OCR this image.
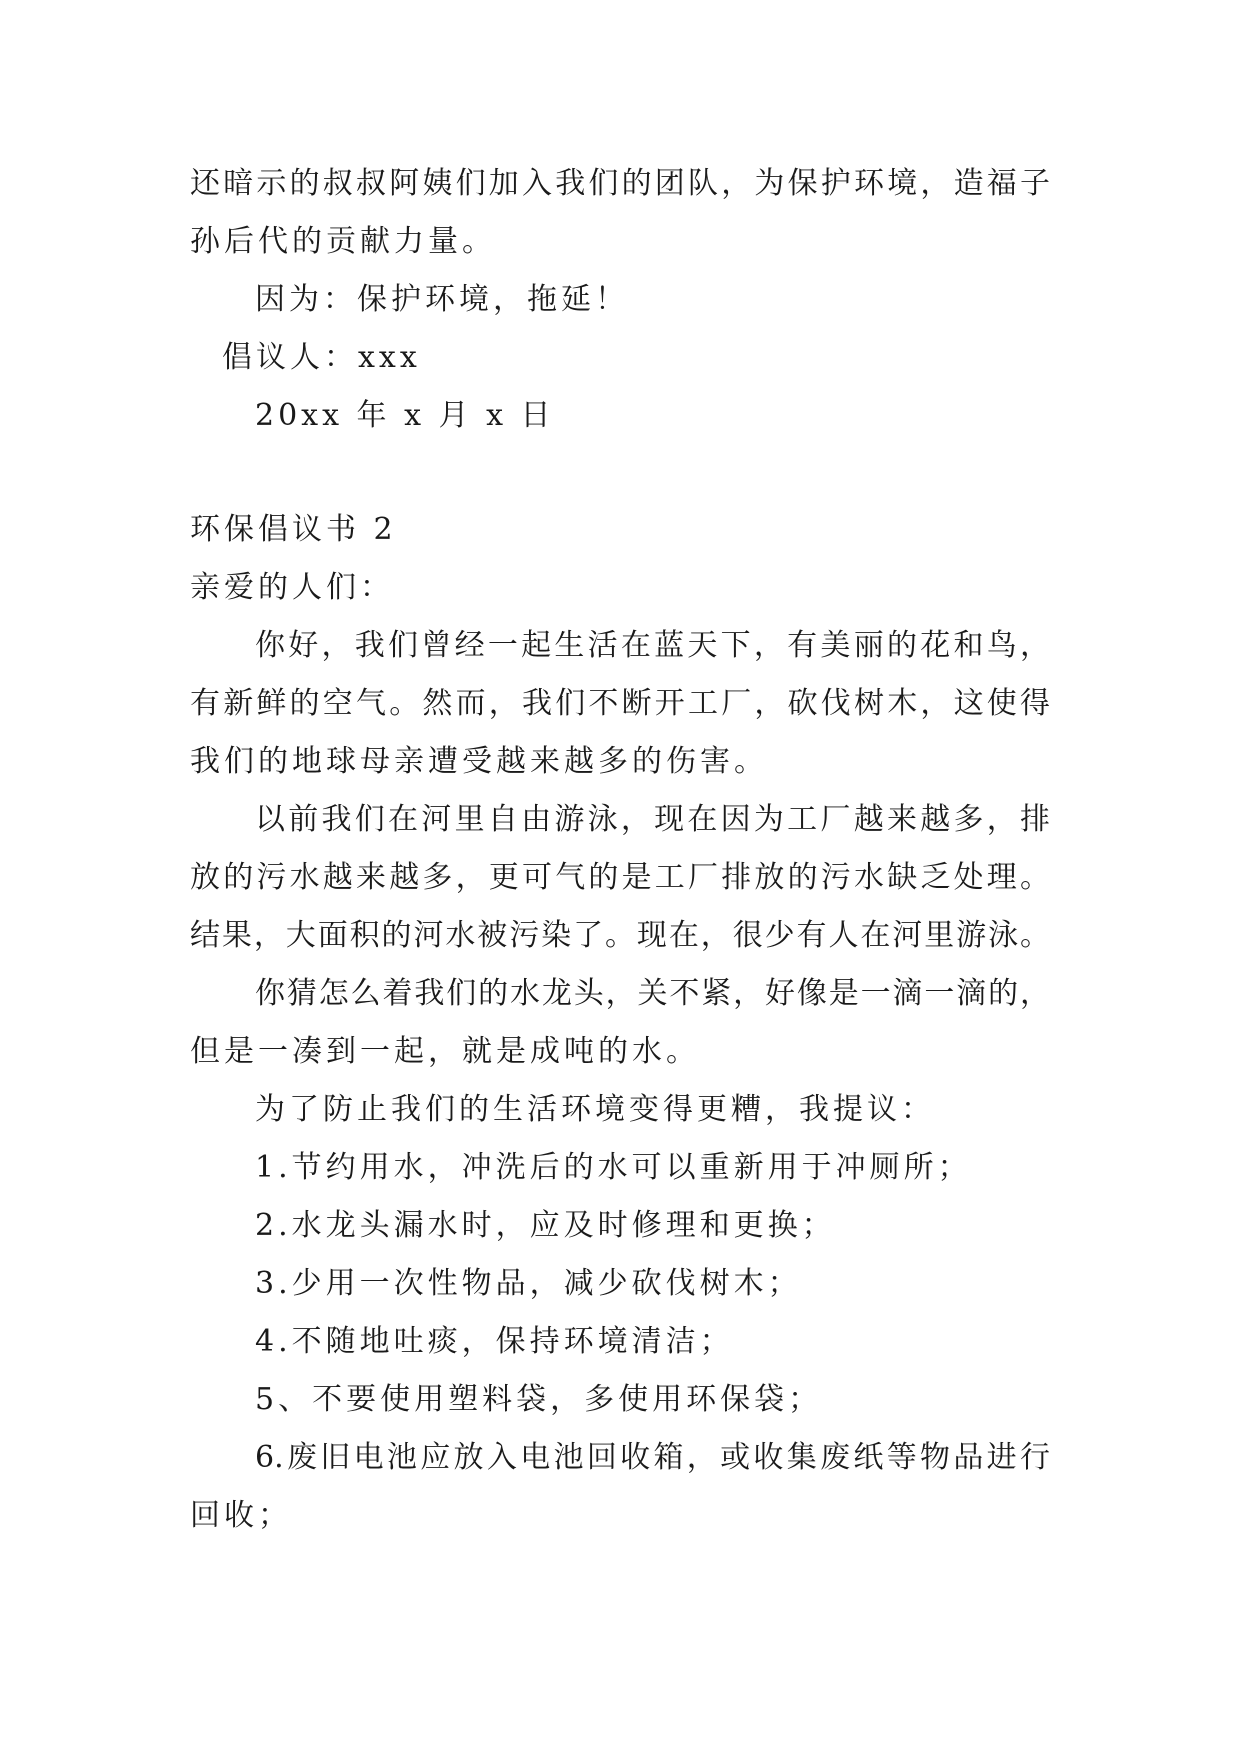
还暗示的叔叔阿姨们加入我们的团队，为保护环境，造福子
孙后代的贡献力量。
因为：保护环境，拖延！
倡议人：xxx
20xx 年 x 月 x 日
环保倡议书 2
亲爱的人们：
你好，我们曾经一起生活在蓝天下，有美丽的花和鸟，
有新鲜的空气。然而，我们不断开工厂，砍伐树木，这使得
我们的地球母亲遭受越来越多的伤害。
以前我们在河里自由游泳，现在因为工厂越来越多，排
放的污水越来越多，更可气的是工厂排放的污水缺乏处理。
结果，大面积的河水被污染了。现在，很少有人在河里游泳。
你猜怎么着我们的水龙头，关不紧，好像是一滴一滴的，
但是一凑到一起，就是成吨的水。
为了防止我们的生活环境变得更糟，我提议：
1.节约用水，冲洗后的水可以重新用于冲厕所；
2.水龙头漏水时，应及时修理和更换；
3.少用一次性物品，减少砍伐树木；
4.不随地吐痰，保持环境清洁；
5、不要使用塑料袋，多使用环保袋；
6.废旧电池应放入电池回收箱，或收集废纸等物品进行
回收；
